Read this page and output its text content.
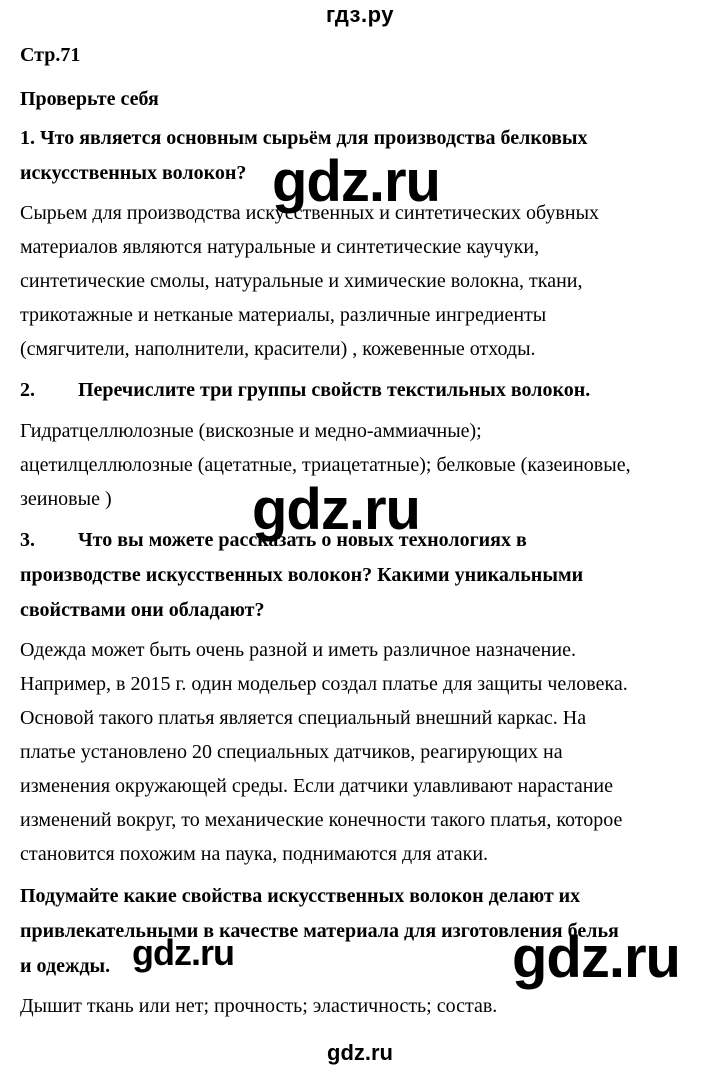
гдз.ру
Стр.71
Проверьте себя
1. Что является основным сырьём для производства белковых
искусственных волокон?
Сырьем для производства искусственных и синтетических обувных
материалов являются натуральные и синтетические каучуки,
синтетические смолы, натуральные и химические волокна, ткани,
трикотажные и нетканые материалы, различные ингредиенты
(смягчители, наполнители, красители) , кожевенные отходы.
2. Перечислите три группы свойств текстильных волокон.
Гидратцеллюлозные (вискозные и медно-аммиачные);
ацетилцеллюлозные (ацетатные, триацетатные); белковые (казеиновые,
зеиновые )
3. Что вы можете рассказать о новых технологиях в
производстве искусственных волокон? Какими уникальными
свойствами они обладают?
Одежда может быть очень разной и иметь различное назначение.
Например, в 2015 г. один модельер создал платье для защиты человека.
Основой такого платья является специальный внешний каркас. На
платье установлено 20 специальных датчиков, реагирующих на
изменения окружающей среды. Если датчики улавливают нарастание
изменений вокруг, то механические конечности такого платья, которое
становится похожим на паука, поднимаются для атаки.
Подумайте какие свойства искусственных волокон делают их
привлекательными в качестве материала для изготовления белья
и одежды.
Дышит ткань или нет; прочность; эластичность; состав.
gdz.ru
gdz.ru
gdz.ru	gdz.ru
gdz.ru
